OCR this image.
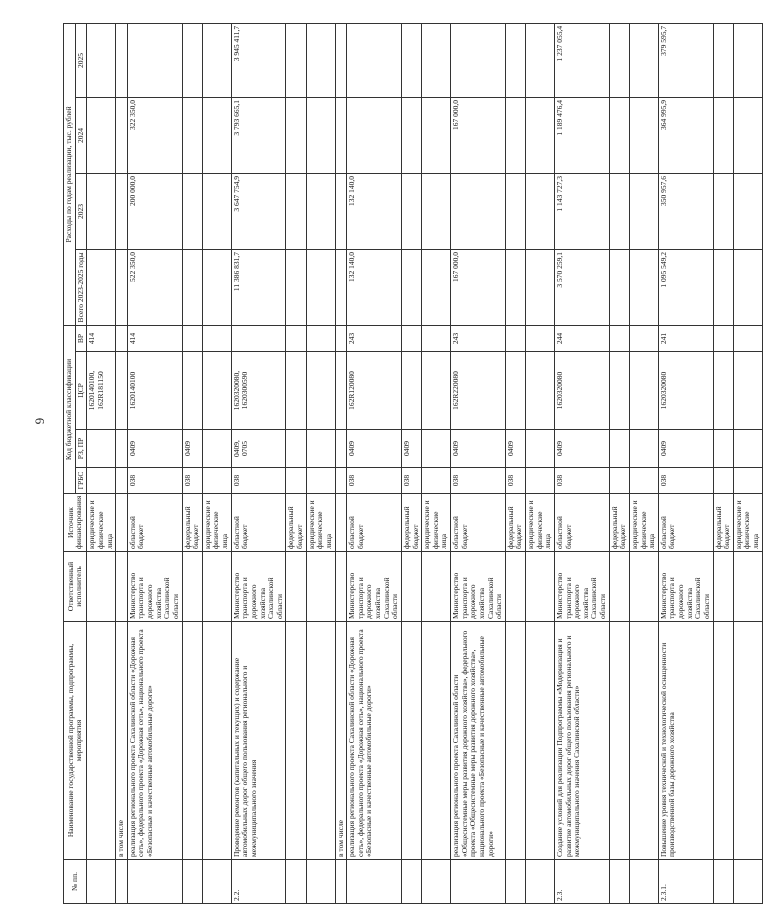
6
№ пп.	Наименование государственной программы, подпрограммы, мероприятия	Ответственный исполнитель	Источник финансирования	Код бюджетной классификации				Расходы по годам реализации, тыс. рублей			
				ГРБС	РЗ, ПР	ЦСР	ВР	Всего 2023-2025 годы	2023	2024	2025
			юридические и физические лица			1620140100, 162R181150	414				
	в том числе										
	реализация регионального проекта Сахалинской области «Дорожная сеть», федерального проекта «Дорожная сеть», национального проекта «Безопасные и качественные автомобильные дороги»	Министерство транспорта и дорожного хозяйства Сахалинской области	областной бюджет	038	0409	1620140100	414	522 350,0	200 000,0	322 350,0	
			федеральный бюджет	038	0409						
			юридические и физические лица								
2.2.	Проведение ремонтов (капитальных и текущих) и содержание автомобильных дорог общего пользования регионального и межмуниципального значения	Министерство транспорта и дорожного хозяйства Сахалинской области	областной бюджет	038	0409, 0705	1620320080, 1620300590		11 386 831,7	3 647 754,9	3 793 665,1	3 945 411,7
			федеральный бюджет								
			юридические и физические лица								
	в том числе										
	реализация регионального проекта Сахалинской области «Дорожная сеть», федерального проекта «Дорожная сеть», национального проекта «Безопасные и качественные автомобильные дороги»	Министерство транспорта и дорожного хозяйства Сахалинской области	областной бюджет	038	0409	162R120080	243	132 140,0	132 140,0		
			федеральный бюджет	038	0409						
			юридические и физические лица								
	реализация регионального проекта Сахалинской области «Общесистемные меры развития дорожного хозяйства», федерального проекта «Общесистемные меры развития дорожного хозяйства», национального проекта «Безопасные и качественные автомобильные дороги»	Министерство транспорта и дорожного хозяйства Сахалинской области	областной бюджет	038	0409	162R220080	243	167 000,0		167 000,0	
			федеральный бюджет	038	0409						
			юридические и физические лица								
2.3.	Создание условий для реализации Подпрограммы «Модернизация и развитие автомобильных дорог общего пользования регионального и межмуниципального значения Сахалинской области»	Министерство транспорта и дорожного хозяйства Сахалинской области	областной бюджет	038	0409	1620320080	244	3 570 259,1	1 143 727,3	1 189 476,4	1 237 055,4
			федеральный бюджет								
			юридические и физические лица								
2.3.1.	Повышение уровня технической и технологической оснащенности производственной базы дорожного хозяйства	Министерство транспорта и дорожного хозяйства Сахалинской области	областной бюджет	038	0409	1620320080	241	1 095 549,2	350 957,6	364 995,9	379 595,7
			федеральный бюджет								
			юридические и физические лица								
